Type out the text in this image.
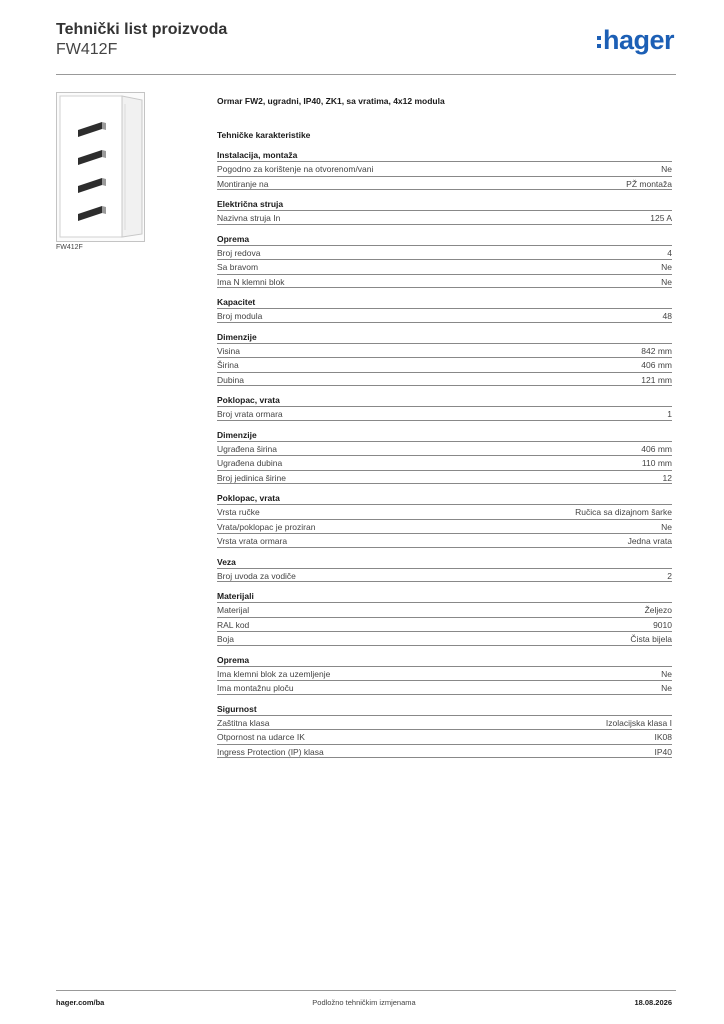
Tehnički list proizvoda
FW412F	hager
FW412F
Ormar FW2, ugradni, IP40, ZK1, sa vratima, 4x12 modula
Tehničke karakteristike
Instalacija, montaža
Pogodno za korištenje na otvorenom/vani	Ne
Montiranje na	PŽ montaža
Električna struja
Nazivna struja In	125 A
Oprema
Broj redova	4
Sa bravom	Ne
Ima N klemni blok	Ne
Kapacitet
Broj modula	48
Dimenzije
Visina	842 mm
Širina	406 mm
Dubina	121 mm
Poklopac, vrata
Broj vrata ormara	1
Dimenzije
Ugrađena širina	406 mm
Ugrađena dubina	110 mm
Broj jedinica širine	12
Poklopac, vrata
Vrsta ručke	Ručica sa dizajnom šarke
Vrata/poklopac je proziran	Ne
Vrsta vrata ormara	Jedna vrata
Veza
Broj uvoda za vodiče	2
Materijali
Materijal	Željezo
RAL kod	9010
Boja	Čista bijela
Oprema
Ima klemni blok za uzemljenje	Ne
Ima montažnu ploču	Ne
Sigurnost
Zaštitna klasa	Izolacijska klasa I
Otpornost na udarce IK	IK08
Ingress Protection (IP) klasa	IP40
hager.com/ba	Podložno tehničkim izmjenama	18.08.2026
